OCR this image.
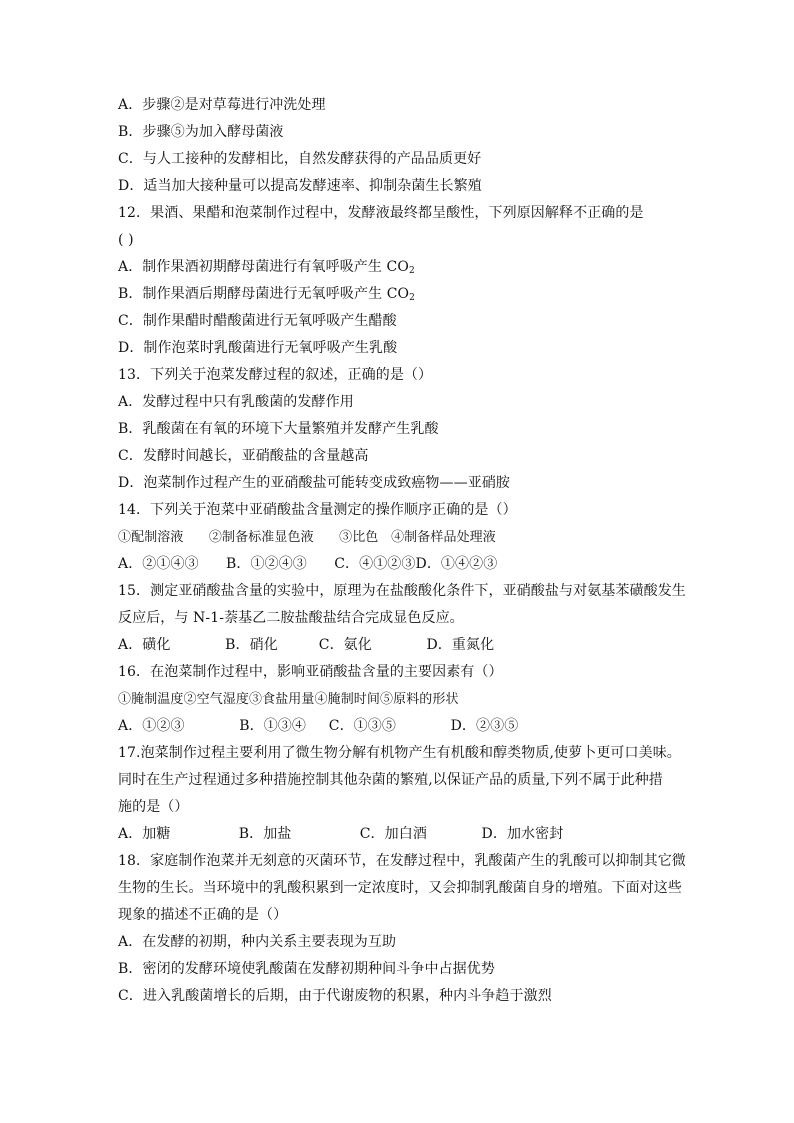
A．步骤②是对草莓进行冲洗处理
B．步骤⑤为加入酵母菌液
C．与人工接种的发酵相比，自然发酵获得的产品品质更好
D．适当加大接种量可以提高发酵速率、抑制杂菌生长繁殖
12．果酒、果醋和泡菜制作过程中，发酵液最终都呈酸性，下列原因解释不正确的是
( )
A．制作果酒初期酵母菌进行有氧呼吸产生 $CO_2$
B．制作果酒后期酵母菌进行无氧呼吸产生 $CO_2$
C．制作果醋时醋酸菌进行无氧呼吸产生醋酸
D．制作泡菜时乳酸菌进行无氧呼吸产生乳酸
13．下列关于泡菜发酵过程的叙述，正确的是（）
A．发酵过程中只有乳酸菌的发酵作用
B．乳酸菌在有氧的环境下大量繁殖并发酵产生乳酸
C．发酵时间越长，亚硝酸盐的含量越高
D．泡菜制作过程产生的亚硝酸盐可能转变成致癌物——亚硝胺
14．下列关于泡菜中亚硝酸盐含量测定的操作顺序正确的是（）
①配制溶液      ②制备标准显色液      ③比色   ④制备样品处理液
A．②①④③      B．①②④③      C．④①②③D．①④②③
15．测定亚硝酸盐含量的实验中，原理为在盐酸酸化条件下，亚硝酸盐与对氨基苯磺酸发生
反应后，与 N-1-萘基乙二胺盐酸盐结合完成显色反应。
A．磺化            B．硝化         C．氨化            D．重氮化
16．在泡菜制作过程中，影响亚硝酸盐含量的主要因素有（）
①腌制温度②空气湿度③食盐用量④腌制时间⑤原料的形状
A．①②③            B．①③④     C．①③⑤            D．②③⑤
17.泡菜制作过程主要利用了微生物分解有机物产生有机酸和醇类物质,使萝卜更可口美味。
同时在生产过程通过多种措施控制其他杂菌的繁殖,以保证产品的质量,下列不属于此种措
施的是（）
A．加糖               B．加盐               C．加白酒            D．加水密封
18．家庭制作泡菜并无刻意的灭菌环节，在发酵过程中，乳酸菌产生的乳酸可以抑制其它微
生物的生长。当环境中的乳酸积累到一定浓度时，又会抑制乳酸菌自身的增殖。下面对这些
现象的描述不正确的是（）
A．在发酵的初期，种内关系主要表现为互助
B．密闭的发酵环境使乳酸菌在发酵初期种间斗争中占据优势
C．进入乳酸菌增长的后期，由于代谢废物的积累，种内斗争趋于激烈
